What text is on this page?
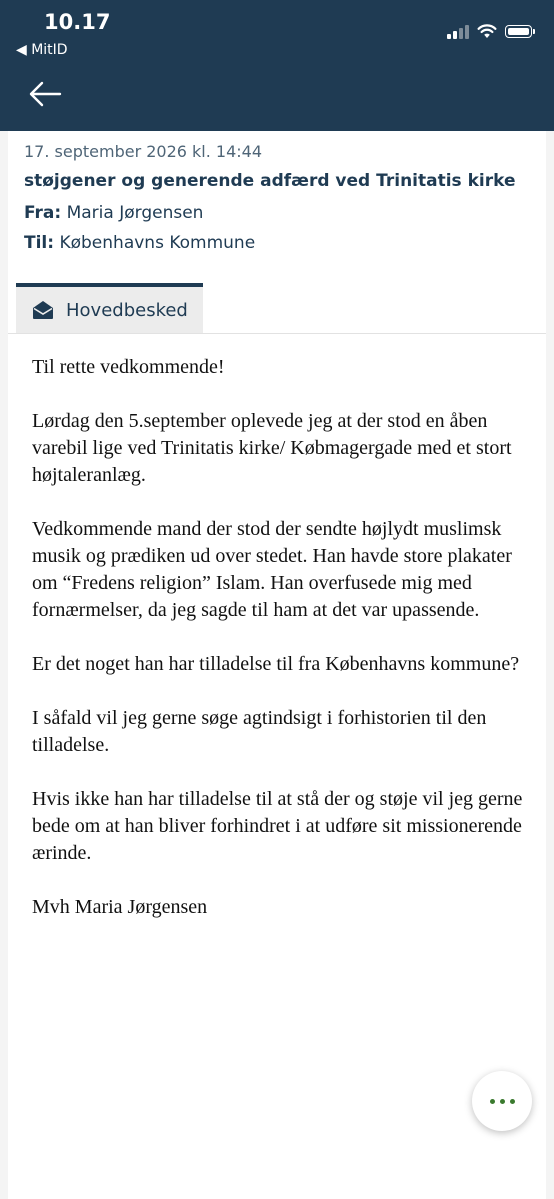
10.17
◀ MitID
17. september 2026 kl. 14:44
støjgener og generende adfærd ved Trinitatis kirke
Fra: Maria Jørgensen
Til: Københavns Kommune
Hovedbesked

Til rette vedkommende!

Lørdag den 5.september oplevede jeg at der stod en åben varebil lige ved Trinitatis kirke/ Købmagergade med et stort højtaleranlæg.

Vedkommende mand der stod der sendte højlydt muslimsk musik og prædiken ud over stedet. Han havde store plakater om “Fredens religion” Islam. Han overfusede mig med fornærmelser, da jeg sagde til ham at det var upassende.

Er det noget han har tilladelse til fra Københavns kommune?

I såfald vil jeg gerne søge agtindsigt i forhistorien til den tilladelse.

Hvis ikke han har tilladelse til at stå der og støje vil jeg gerne bede om at han bliver forhindret i at udføre sit missionerende ærinde.

Mvh Maria Jørgensen
